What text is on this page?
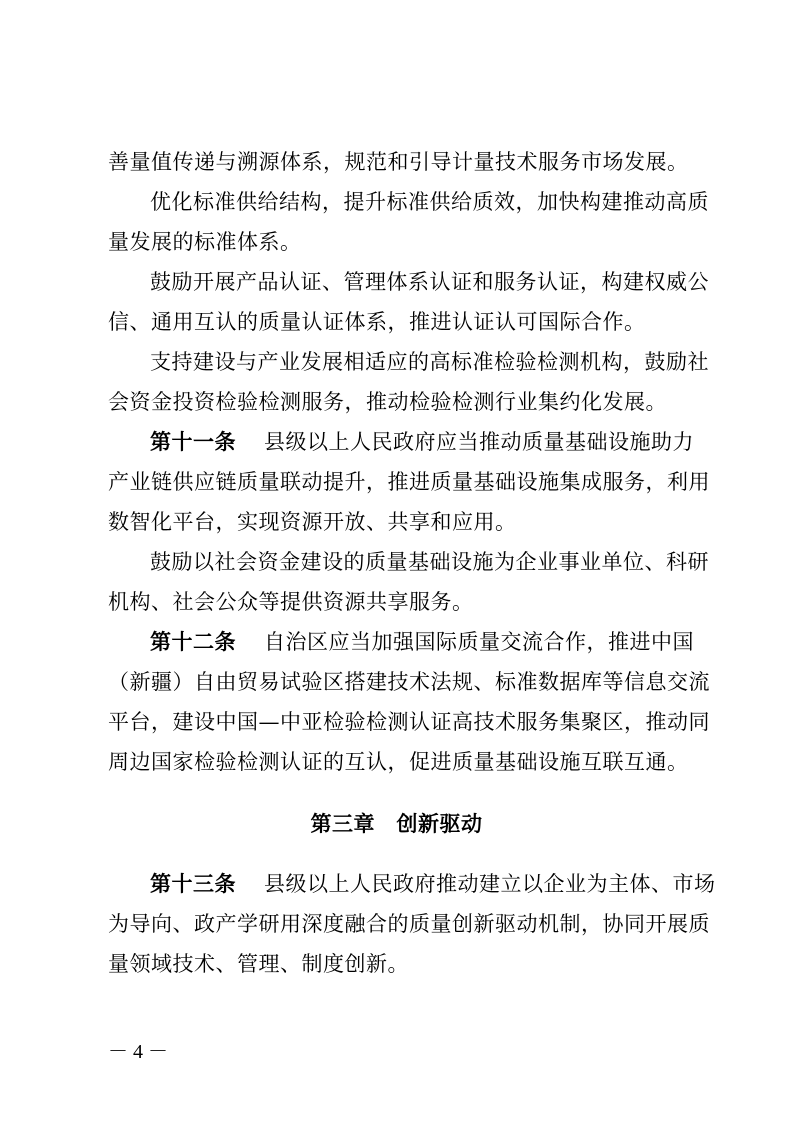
善量值传递与溯源体系，规范和引导计量技术服务市场发展。
优化标准供给结构，提升标准供给质效，加快构建推动高质
量发展的标准体系。
鼓励开展产品认证、管理体系认证和服务认证，构建权威公
信、通用互认的质量认证体系，推进认证认可国际合作。
支持建设与产业发展相适应的高标准检验检测机构，鼓励社
会资金投资检验检测服务，推动检验检测行业集约化发展。
第十一条 县级以上人民政府应当推动质量基础设施助力
产业链供应链质量联动提升，推进质量基础设施集成服务，利用
数智化平台，实现资源开放、共享和应用。
鼓励以社会资金建设的质量基础设施为企业事业单位、科研
机构、社会公众等提供资源共享服务。
第十二条 自治区应当加强国际质量交流合作，推进中国
（新疆）自由贸易试验区搭建技术法规、标准数据库等信息交流
平台，建设中国—中亚检验检测认证高技术服务集聚区，推动同
周边国家检验检测认证的互认，促进质量基础设施互联互通。
第三章　创新驱动
第十三条 县级以上人民政府推动建立以企业为主体、市场
为导向、政产学研用深度融合的质量创新驱动机制，协同开展质
量领域技术、管理、制度创新。
－ 4 －
